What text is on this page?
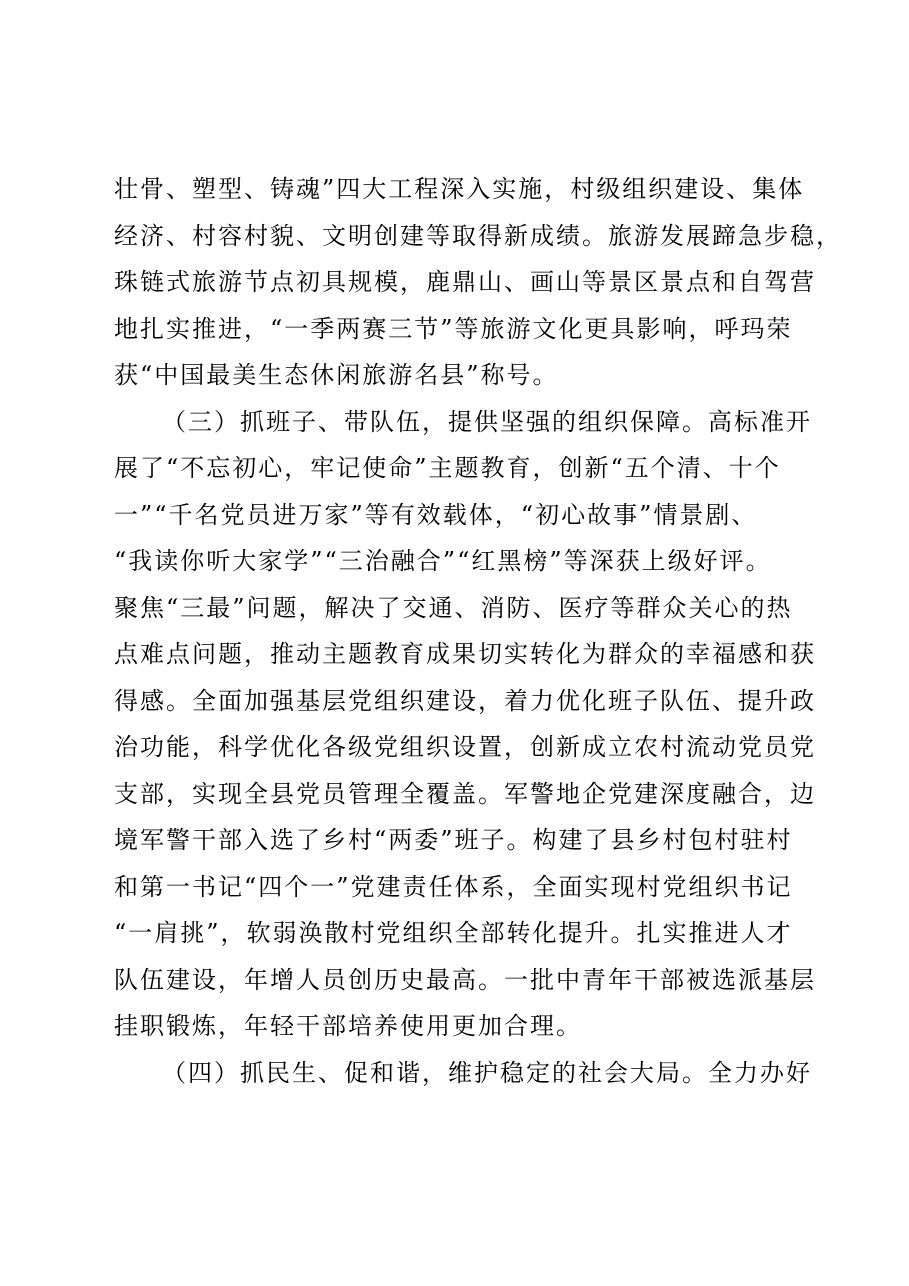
壮骨、塑型、铸魂”四大工程深入实施，村级组织建设、集体
经济、村容村貌、文明创建等取得新成绩。旅游发展蹄急步稳，
珠链式旅游节点初具规模，鹿鼎山、画山等景区景点和自驾营
地扎实推进，“一季两赛三节”等旅游文化更具影响，呼玛荣
获“中国最美生态休闲旅游名县”称号。
（三）抓班子、带队伍，提供坚强的组织保障。高标准开
展了“不忘初心，牢记使命”主题教育，创新“五个清、十个
一”“千名党员进万家”等有效载体，“初心故事”情景剧、
“我读你听大家学”“三治融合”“红黑榜”等深获上级好评。
聚焦“三最”问题，解决了交通、消防、医疗等群众关心的热
点难点问题，推动主题教育成果切实转化为群众的幸福感和获
得感。全面加强基层党组织建设，着力优化班子队伍、提升政
治功能，科学优化各级党组织设置，创新成立农村流动党员党
支部，实现全县党员管理全覆盖。军警地企党建深度融合，边
境军警干部入选了乡村“两委”班子。构建了县乡村包村驻村
和第一书记“四个一”党建责任体系，全面实现村党组织书记
“一肩挑”，软弱涣散村党组织全部转化提升。扎实推进人才
队伍建设，年增人员创历史最高。一批中青年干部被选派基层
挂职锻炼，年轻干部培养使用更加合理。
（四）抓民生、促和谐，维护稳定的社会大局。全力办好
